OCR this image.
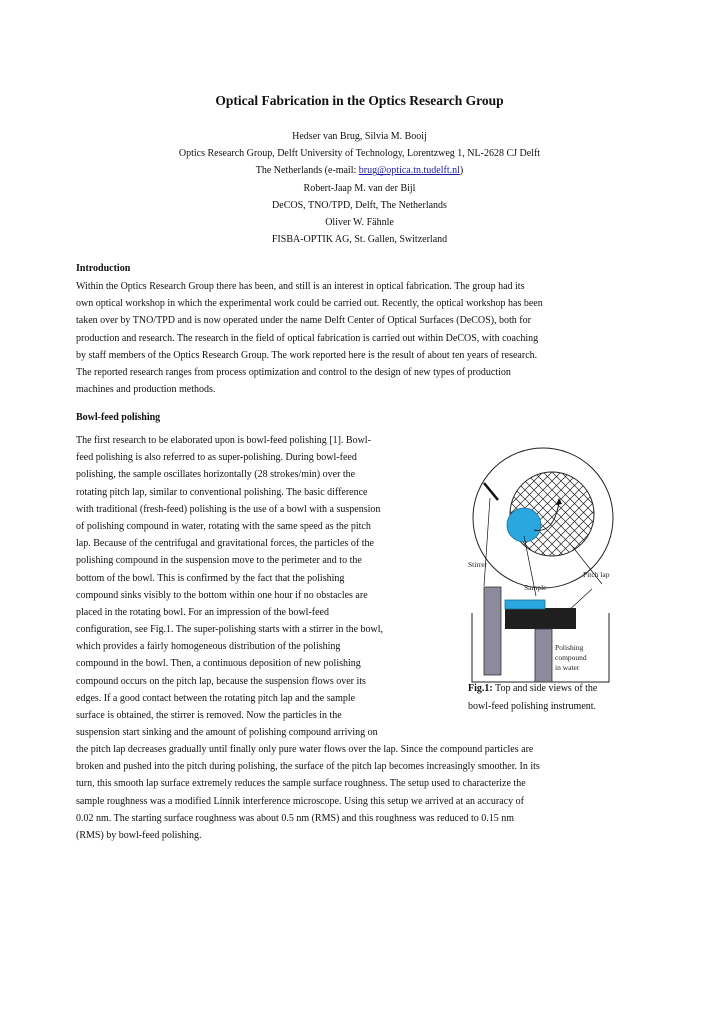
Optical Fabrication in the Optics Research Group
Hedser van Brug, Silvia M. Booij
Optics Research Group, Delft University of Technology, Lorentzweg 1, NL-2628 CJ Delft
The Netherlands (e-mail: brug@optica.tn.tudelft.nl)
Robert-Jaap M. van der Bijl
DeCOS, TNO/TPD, Delft, The Netherlands
Oliver W. Fähnle
FISBA-OPTIK AG, St. Gallen, Switzerland
Introduction
Within the Optics Research Group there has been, and still is an interest in optical fabrication. The group had its
own optical workshop in which the experimental work could be carried out. Recently, the optical workshop has been
taken over by TNO/TPD and is now operated under the name Delft Center of Optical Surfaces (DeCOS), both for
production and research. The research in the field of optical fabrication is carried out within DeCOS, with coaching
by staff members of the Optics Research Group. The work reported here is the result of about ten years of research.
The reported research ranges from process optimization and control to the design of new types of production
machines and production methods.
Bowl-feed polishing
The first research to be elaborated upon is bowl-feed polishing [1]. Bowl-
feed polishing is also referred to as super-polishing. During bowl-feed
polishing, the sample oscillates horizontally (28 strokes/min) over the
rotating pitch lap, similar to conventional polishing. The basic difference
with traditional (fresh-feed) polishing is the use of a bowl with a suspension
of polishing compound in water, rotating with the same speed as the pitch
lap. Because of the centrifugal and gravitational forces, the particles of the
polishing compound in the suspension move to the perimeter and to the
bottom of the bowl. This is confirmed by the fact that the polishing
compound sinks visibly to the bottom within one hour if no obstacles are
placed in the rotating bowl. For an impression of the bowl-feed
configuration, see Fig.1. The super-polishing starts with a stirrer in the bowl,
which provides a fairly homogeneous distribution of the polishing
compound in the bowl. Then, a continuous deposition of new polishing
compound occurs on the pitch lap, because the suspension flows over its
edges. If a good contact between the rotating pitch lap and the sample
surface is obtained, the stirrer is removed. Now the particles in the
suspension start sinking and the amount of polishing compound arriving on
the pitch lap decreases gradually until finally only pure water flows over the lap. Since the compound particles are
broken and pushed into the pitch during polishing, the surface of the pitch lap becomes increasingly smoother. In its
turn, this smooth lap surface extremely reduces the sample surface roughness. The setup used to characterize the
sample roughness was a modified Linnik interference microscope. Using this setup we arrived at an accuracy of
0.02 nm. The starting surface roughness was about 0.5 nm (RMS) and this roughness was reduced to 0.15 nm
(RMS) by bowl-feed polishing.
Stirrer
Pitch lap
Sample
Polishing
compound
in water
Fig.1: Top and side views of the
bowl-feed polishing instrument.
